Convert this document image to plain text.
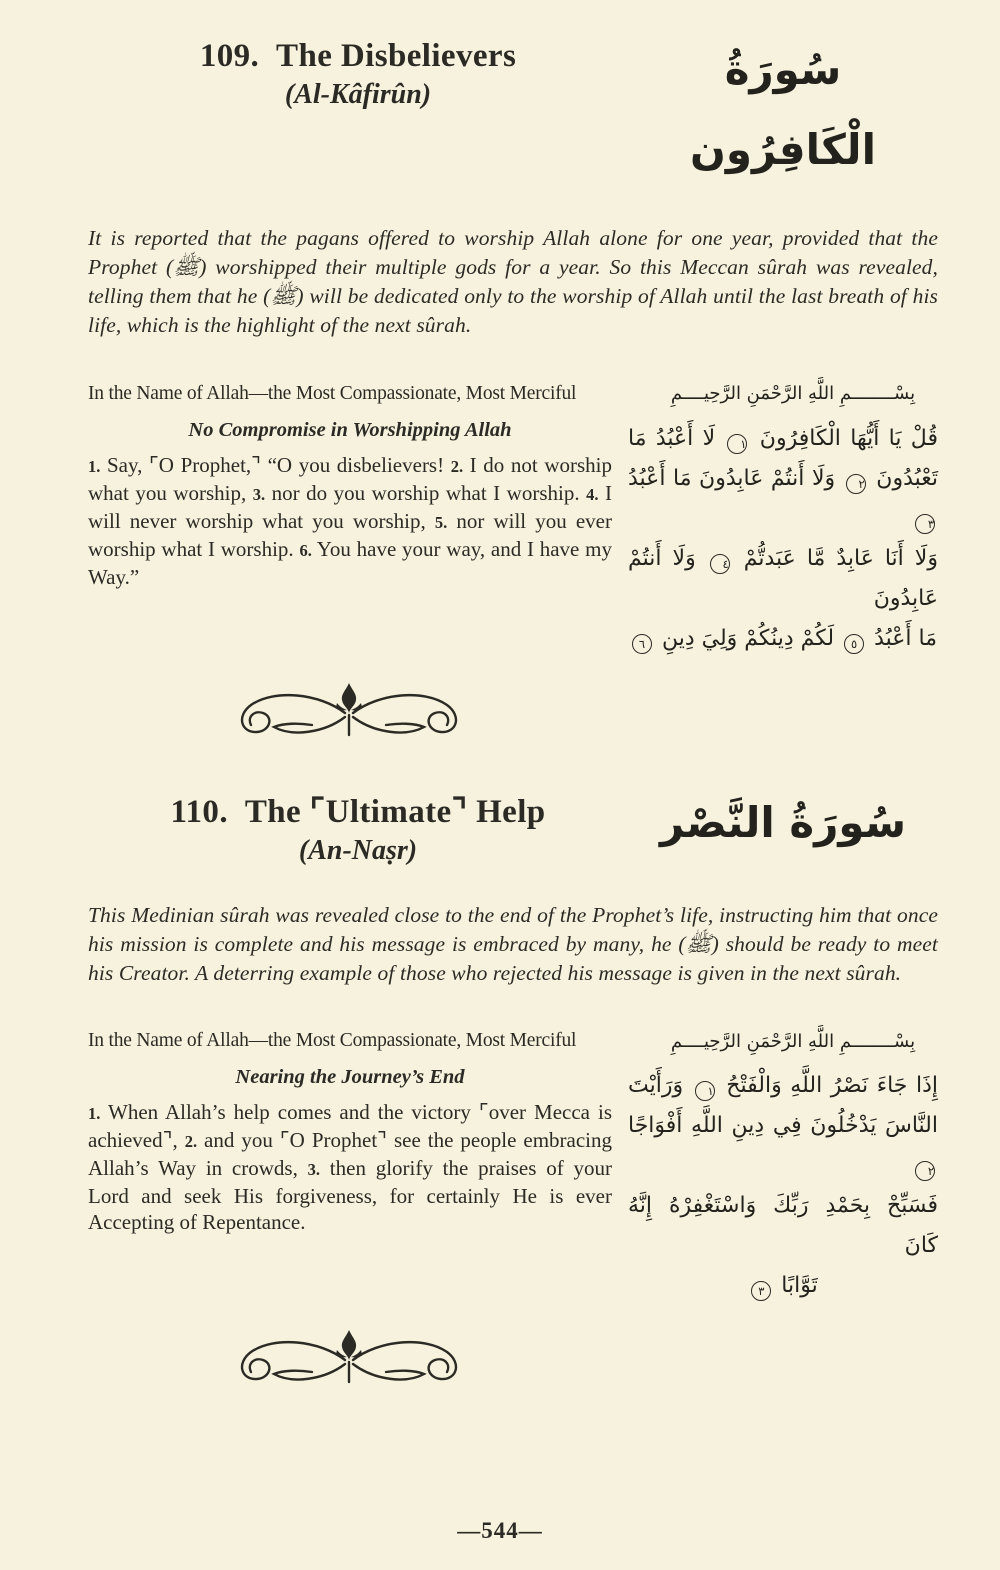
109. The Disbelievers
(Al-Kâfirûn)
سُورَةُ الْكَافِرُون

It is reported that the pagans offered to worship Allah alone for one year, provided that the Prophet (ﷺ) worshipped their multiple gods for a year. So this Meccan sûrah was revealed, telling them that he (ﷺ) will be dedicated only to the worship of Allah until the last breath of his life, which is the highlight of the next sûrah.

In the Name of Allah—the Most Compassionate, Most Merciful	بِسْــــــــمِ اللَّهِ الرَّحْمَنِ الرَّحِيــــمِ
No Compromise in Worshipping Allah

1. Say, ⌜O Prophet,⌝ “O you disbelievers! 2. I do not worship what you worship, 3. nor do you worship what I worship. 4. I will never worship what you worship, 5. nor will you ever worship what I worship. 6. You have your way, and I have my Way.”

قُلْ يَا أَيُّهَا الْكَافِرُونَ ١ لَا أَعْبُدُ مَا
تَعْبُدُونَ ٢ وَلَا أَنتُمْ عَابِدُونَ مَا أَعْبُدُ ٣
وَلَا أَنَا عَابِدٌ مَّا عَبَدتُّمْ ٤ وَلَا أَنتُمْ عَابِدُونَ
مَا أَعْبُدُ ٥ لَكُمْ دِينُكُمْ وَلِيَ دِينِ ٦
110. The ⌜Ultimate⌝ Help
(An-Naṣr)
سُورَةُ النَّصْر

This Medinian sûrah was revealed close to the end of the Prophet’s life, instructing him that once his mission is complete and his message is embraced by many, he (ﷺ) should be ready to meet his Creator. A deterring example of those who rejected his message is given in the next sûrah.

In the Name of Allah—the Most Compassionate, Most Merciful	بِسْــــــــمِ اللَّهِ الرَّحْمَنِ الرَّحِيــــمِ
Nearing the Journey’s End

1. When Allah’s help comes and the victory ⌜over Mecca is achieved⌝, 2. and you ⌜O Prophet⌝ see the people embracing Allah’s Way in crowds, 3. then glorify the praises of your Lord and seek His forgiveness, for certainly He is ever Accepting of Repentance.

إِذَا جَاءَ نَصْرُ اللَّهِ وَالْفَتْحُ ١ وَرَأَيْتَ
النَّاسَ يَدْخُلُونَ فِي دِينِ اللَّهِ أَفْوَاجًا ٢
فَسَبِّحْ بِحَمْدِ رَبِّكَ وَاسْتَغْفِرْهُ إِنَّهُ كَانَ
تَوَّابًا ٣
—544—
